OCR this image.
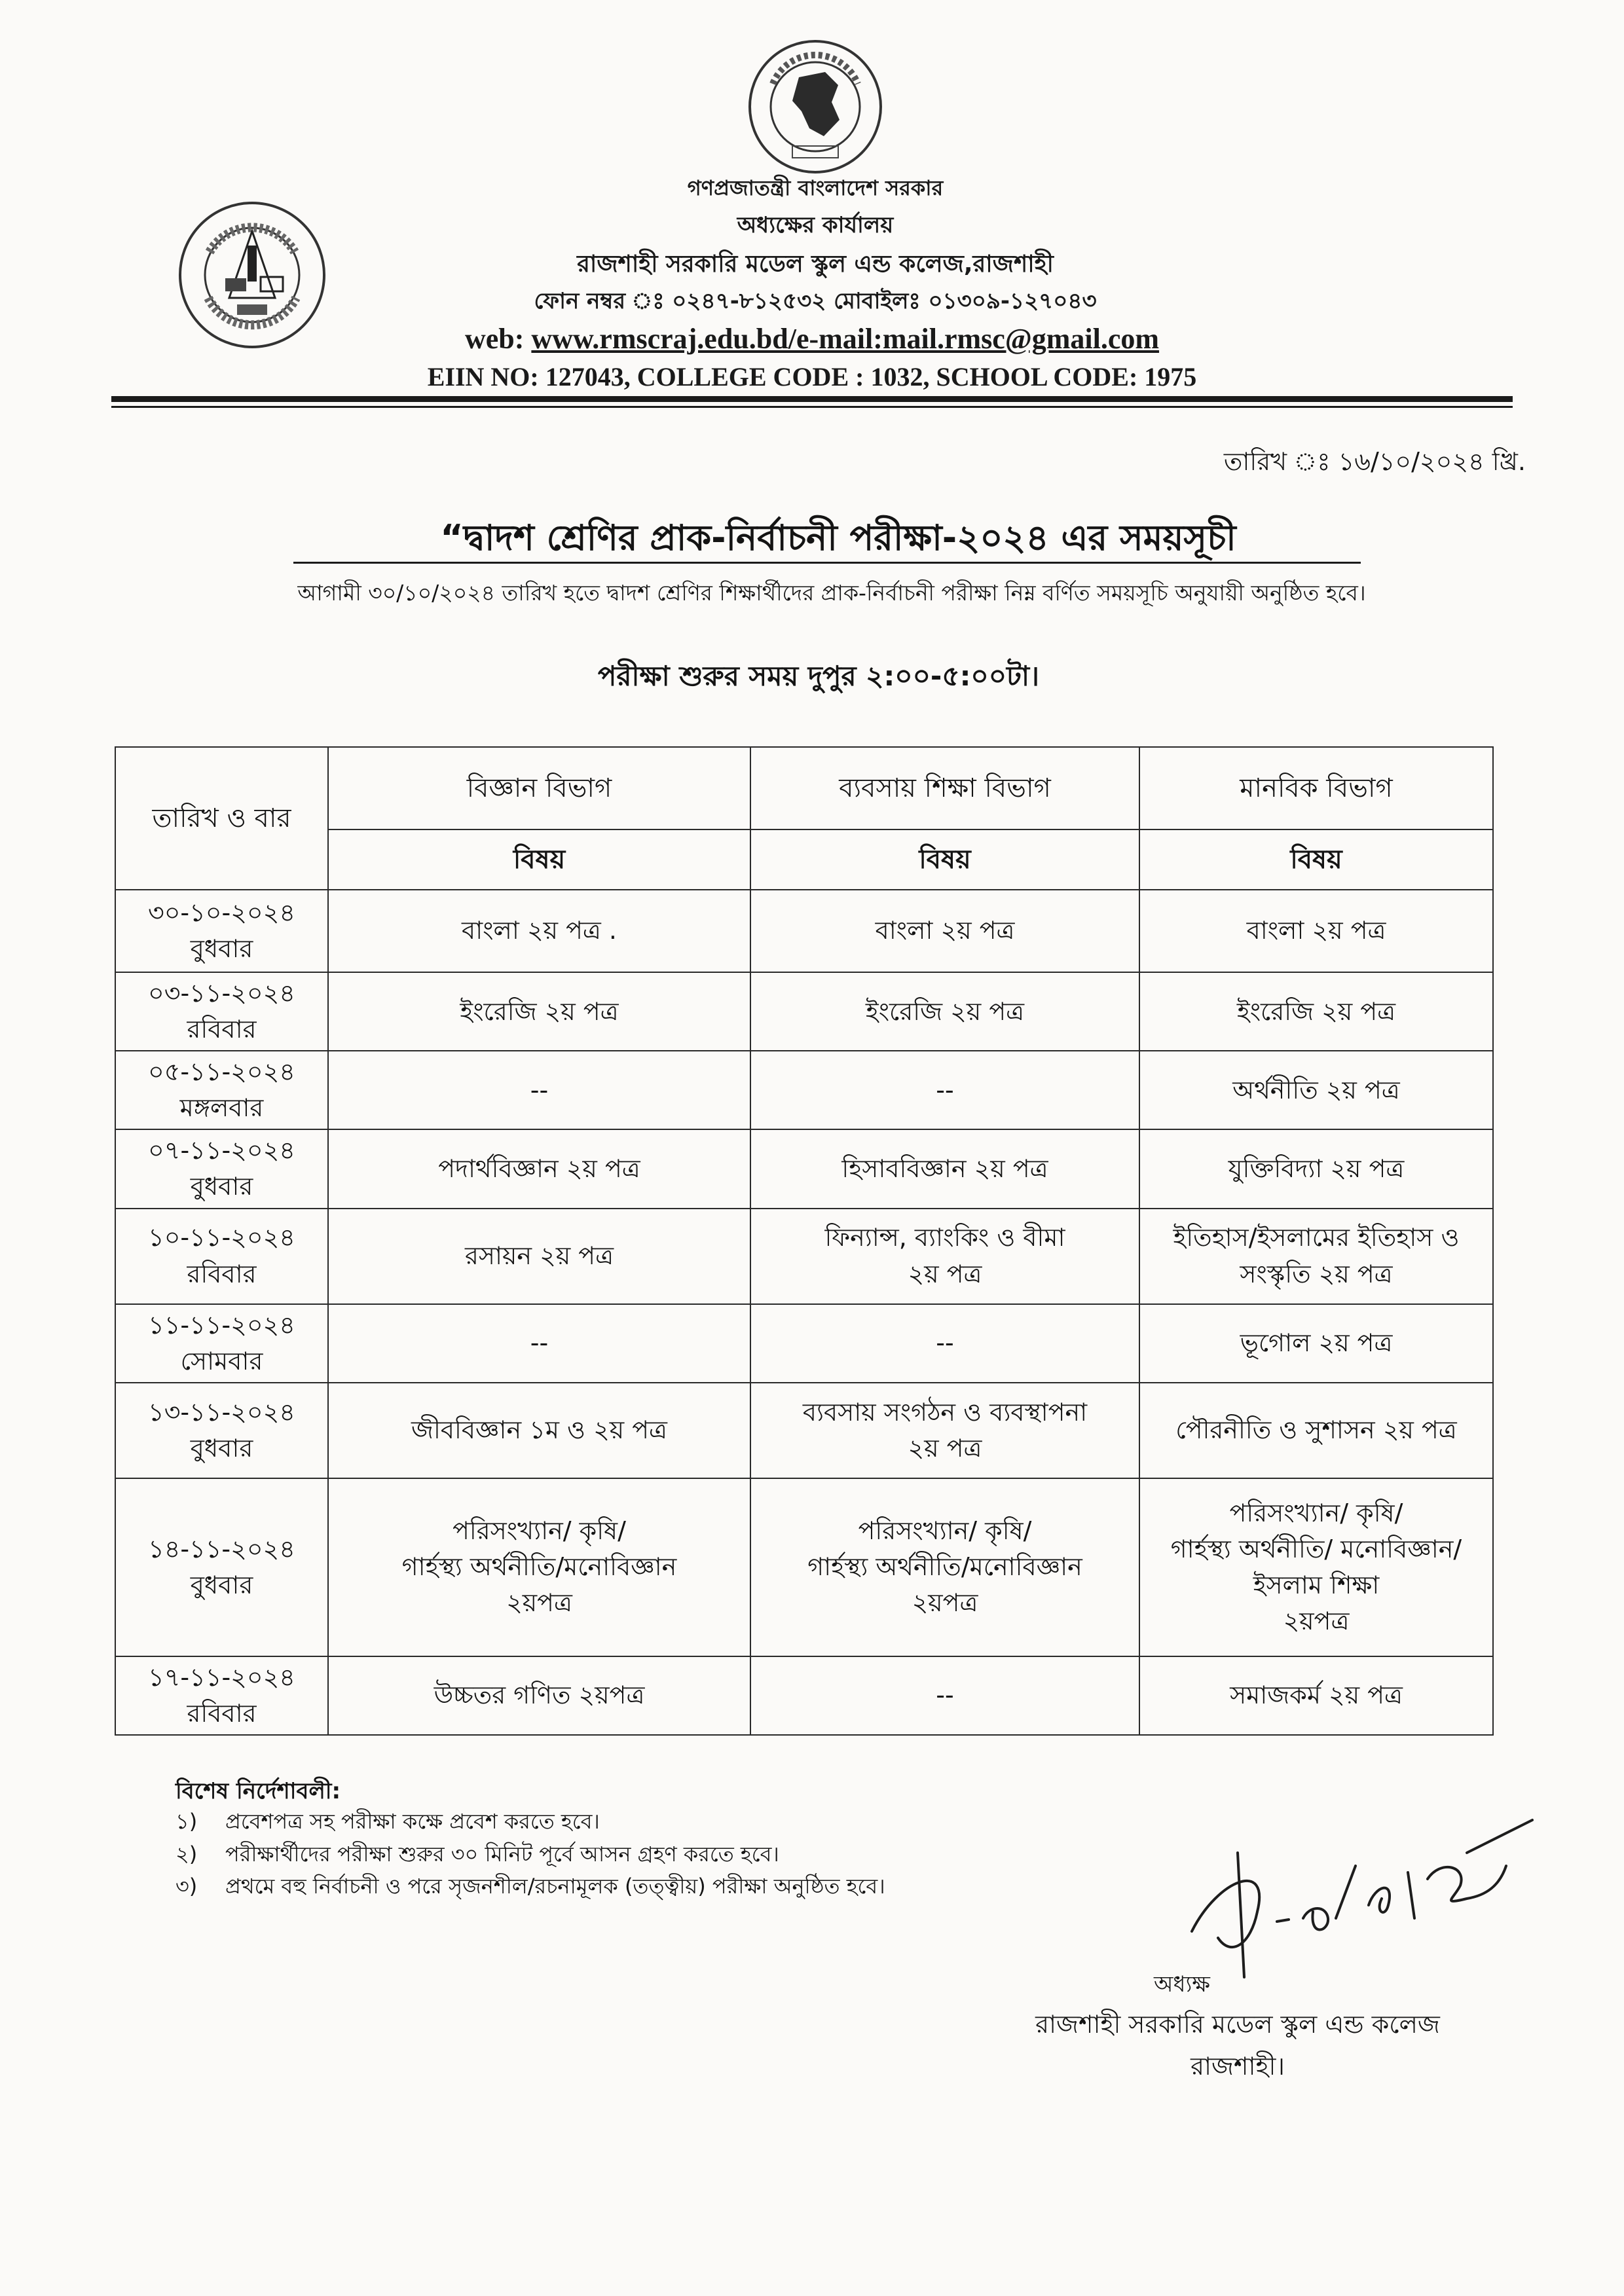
গণপ্রজাতন্ত্রী বাংলাদেশ সরকার
অধ্যক্ষের কার্যালয়
রাজশাহী সরকারি মডেল স্কুল এন্ড কলেজ,রাজশাহী
ফোন নম্বর ঃ ০২৪৭-৮১২৫৩২ মোবাইলঃ ০১৩০৯-১২৭০৪৩
web: www.rmscraj.edu.bd/e-mail:mail.rmsc@gmail.com
EIIN NO: 127043, COLLEGE CODE : 1032, SCHOOL CODE: 1975
তারিখ ঃ ১৬/১০/২০২৪ খ্রি.
“দ্বাদশ শ্রেণির প্রাক-নির্বাচনী পরীক্ষা-২০২৪ এর সময়সূচী
আগামী ৩০/১০/২০২৪ তারিখ হতে দ্বাদশ শ্রেণির শিক্ষার্থীদের প্রাক-নির্বাচনী পরীক্ষা নিম্ন বর্ণিত সময়সূচি অনুযায়ী অনুষ্ঠিত হবে।
পরীক্ষা শুরুর সময় দুপুর ২:০০-৫:০০টা।
তারিখ ও বার	বিজ্ঞান বিভাগ	ব্যবসায় শিক্ষা বিভাগ	মানবিক বিভাগ
	বিষয়	বিষয়	বিষয়

৩০-১০-২০২৪
বুধবার	বাংলা ২য় পত্র .	বাংলা ২য় পত্র	বাংলা ২য় পত্র

০৩-১১-২০২৪
রবিবার	ইংরেজি ২য় পত্র	ইংরেজি ২য় পত্র	ইংরেজি ২য় পত্র

০৫-১১-২০২৪
মঙ্গলবার	--	--	অর্থনীতি ২য় পত্র

০৭-১১-২০২৪
বুধবার	পদার্থবিজ্ঞান ২য় পত্র	হিসাববিজ্ঞান ২য় পত্র	যুক্তিবিদ্যা ২য় পত্র

১০-১১-২০২৪
রবিবার	রসায়ন ২য় পত্র	ফিন্যান্স, ব্যাংকিং ও বীমা
২য় পত্র	ইতিহাস/ইসলামের ইতিহাস ও
সংস্কৃতি ২য় পত্র

১১-১১-২০২৪
সোমবার	--	--	ভূগোল ২য় পত্র

১৩-১১-২০২৪
বুধবার	জীববিজ্ঞান ১ম ও ২য় পত্র	ব্যবসায় সংগঠন ও ব্যবস্থাপনা
২য় পত্র	পৌরনীতি ও সুশাসন ২য় পত্র

১৪-১১-২০২৪
বুধবার	পরিসংখ্যান/ কৃষি/
গার্হস্থ্য অর্থনীতি/মনোবিজ্ঞান
২য়পত্র	পরিসংখ্যান/ কৃষি/
গার্হস্থ্য অর্থনীতি/মনোবিজ্ঞান
২য়পত্র	পরিসংখ্যান/ কৃষি/
গার্হস্থ্য অর্থনীতি/ মনোবিজ্ঞান/
ইসলাম শিক্ষা
২য়পত্র

১৭-১১-২০২৪
রবিবার	উচ্চতর গণিত ২য়পত্র	--	সমাজকর্ম ২য় পত্র
বিশেষ নির্দেশাবলী:
১)	প্রবেশপত্র সহ পরীক্ষা কক্ষে প্রবেশ করতে হবে।
২)	পরীক্ষার্থীদের পরীক্ষা শুরুর ৩০ মিনিট পূর্বে আসন গ্রহণ করতে হবে।
৩)	প্রথমে বহু নির্বাচনী ও পরে সৃজনশীল/রচনামূলক (তত্ত্বীয়) পরীক্ষা অনুষ্ঠিত হবে।
অধ্যক্ষ
রাজশাহী সরকারি মডেল স্কুল এন্ড কলেজ
রাজশাহী।
